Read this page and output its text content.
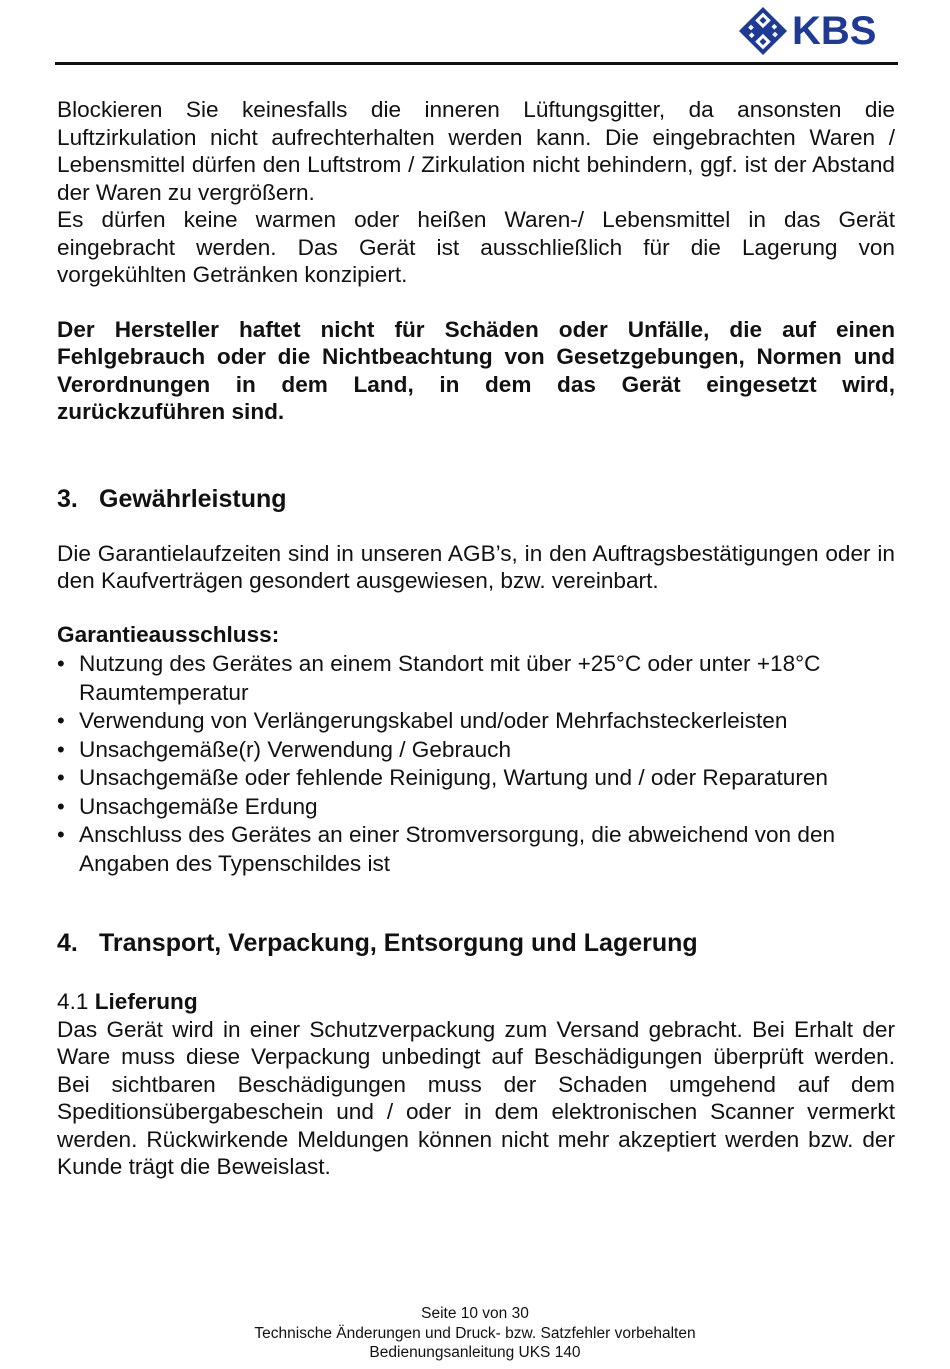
KBS

Blockieren Sie keinesfalls die inneren Lüftungsgitter, da ansonsten die Luftzirkulation nicht aufrechterhalten werden kann. Die eingebrachten Waren / Lebensmittel dürfen den Luftstrom / Zirkulation nicht behindern, ggf. ist der Abstand der Waren zu vergrößern.

Es dürfen keine warmen oder heißen Waren-/ Lebensmittel in das Gerät eingebracht werden. Das Gerät ist ausschließlich für die Lagerung von vorgekühlten Getränken konzipiert.

Der Hersteller haftet nicht für Schäden oder Unfälle, die auf einen Fehlgebrauch oder die Nichtbeachtung von Gesetzgebungen, Normen und Verordnungen in dem Land, in dem das Gerät eingesetzt wird, zurückzuführen sind.

3. Gewährleistung

Die Garantielaufzeiten sind in unseren AGB’s, in den Auftragsbestätigungen oder in den Kaufverträgen gesondert ausgewiesen, bzw. vereinbart.

Garantieausschluss:

• Nutzung des Gerätes an einem Standort mit über +25°C oder unter +18°C Raumtemperatur
• Verwendung von Verlängerungskabel und/oder Mehrfachsteckerleisten
• Unsachgemäße(r) Verwendung / Gebrauch
• Unsachgemäße oder fehlende Reinigung, Wartung und / oder Reparaturen
• Unsachgemäße Erdung
• Anschluss des Gerätes an einer Stromversorgung, die abweichend von den Angaben des Typenschildes ist
4. Transport, Verpackung, Entsorgung und Lagerung

4.1 Lieferung

Das Gerät wird in einer Schutzverpackung zum Versand gebracht. Bei Erhalt der Ware muss diese Verpackung unbedingt auf Beschädigungen überprüft werden. Bei sichtbaren Beschädigungen muss der Schaden umgehend auf dem Speditionsübergabeschein und / oder in dem elektronischen Scanner vermerkt werden. Rückwirkende Meldungen können nicht mehr akzeptiert werden bzw. der Kunde trägt die Beweislast.

Seite 10 von 30
Technische Änderungen und Druck- bzw. Satzfehler vorbehalten
Bedienungsanleitung UKS 140
